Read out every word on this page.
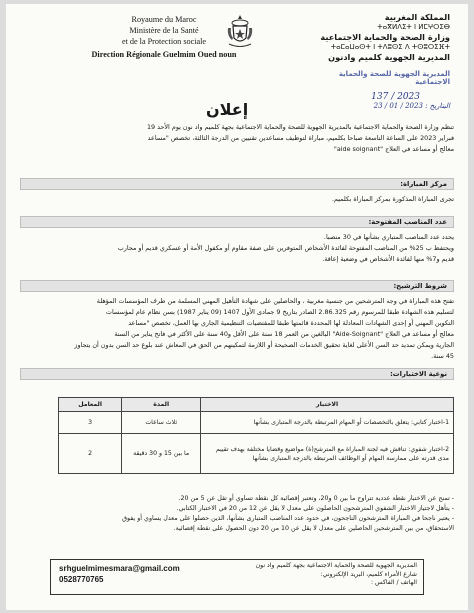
Royaume du Maroc
Ministère de la Santé
et de la Protection sociale
Direction Régionale Guelmim Oued noun
المملكة المغربية
ⵜⴰⴳⵍⴷⵉⵜ ⵏ ⵍⵎⵖⵔⵉⴱ
وزارة الصحة والحماية الاجتماعية
ⵜⴰⵎⴰⵡⴰⵙⵜ ⵏ ⵜⴷⵓⵙⵉ ⴷ ⵜⵙⵓⵔⵉⴼⵜ
المديرية الجهوية كلميم وادنون
المديرية الجهوية للصحة والحماية
الاجتماعية
2023 / 137
البتاريخ : 2023 / 01 / 23
إعلان
تنظم وزارة الصحة والحماية الاجتماعية بالمديرية الجهوية للصحة والحماية الاجتماعية بجهة كلميم واد نون يوم الأحد 19
فبراير 2023 على الساعة التاسعة صباحا بكلميم، مباراة لتوظيف مساعدين تقنيين من الدرجة الثالثة، تخصص "مساعد
معالج أو مساعد في العلاج "aide soignant"
مركز المباراة:
تجرى المباراة المذكورة بمركز المباراة بكلميم.
عدد المناصب المفتوحة:
يحدد عدد المناصب المتباري بشأنها في 30 منصبا.
ويحتفظ ب 25% من المناصب المفتوحة لفائدة الأشخاص المتوفرين على صفة مقاوم أو مكفول الأمة أو عسكري قديم أو محارب
قديم و7% منها لفائدة الأشخاص في وضعية إعاقة.
شروط الترشيح:
تفتح هذه المباراة في وجه المترشحين من جنسية مغربية ، والحاصلين على شهادة التأهيل المهني المسلمة من طرف المؤسسات المؤهلة
لتسليم هذه الشهادة طبقا للمرسوم رقم 2.86.325 الصادر بتاريخ 9 جمادى الأول 1407 (09 يناير 1987) بسن نظام عام لمؤسسات
التكوين المهني أو إحدى الشهادات المعادلة لها المحددة قائمتها طبقا للمقتضيات التنظيمية الجاري بها العمل، تخصص "مساعد
معالج أو مساعد في العلاج "Aide-Soignant" البالغين من العمر 18 سنة على الأقل و40 سنة على الأكثر في فاتح يناير من السنة
الجارية ويمكن تمديد حد السن الأعلى لغاية تحقيق الخدمات الصحيحة أو اللازمة لتمكينهم من الحق في المعاش عند بلوغ حد السن بدون أن يتجاوز
45 سنة.
نوعية الاختبارات:
الاختبار	المدة	المعامل
1-اختبار كتابي: يتعلق بالتخصصات أو المهام المرتبطة بالدرجة المتبارى بشأنها	ثلاث ساعات	3
2-اختبار شفوي: تناقش فيه لجنة المباراة مع المترشح(ة) مواضيع وقضايا مختلفة بهدف تقييم مدى قدرته على ممارسة المهام أو الوظائف المرتبطة بالدرجة المتبارى بشأنها	ما بين 15 و 30 دقيقة	2
- تمنح عن الاختبار نقطة عددية تتراوح ما بين 0 و20، وتعتبر إقصائية كل نقطة تساوي أو تقل عن 5 من 20.
- يتأهل لاجتياز الاختبار الشفوي المترشحون الحاصلون على معدل لا يقل عن 12 من 20 في الاختبار الكتابي.
- يعتبر ناجحا في المباراة المترشحون الناجحون، في حدود عدد المناصب المتبارى بشأنها، الذين حصلوا على معدل يساوي أو يفوق
الاستحقاق، من بين المترشحين الحاصلين على معدل لا يقل عن 10 من 20 دون الحصول على نقطة إقصائية.
المديرية الجهوية للصحة والحماية الاجتماعية بجهة كلميم واد نون
شارع الأمراء كلميم، البريد الإلكتروني:
الهاتف / الفاكس :
srhguelmimesmara@gmail.com
0528770765
